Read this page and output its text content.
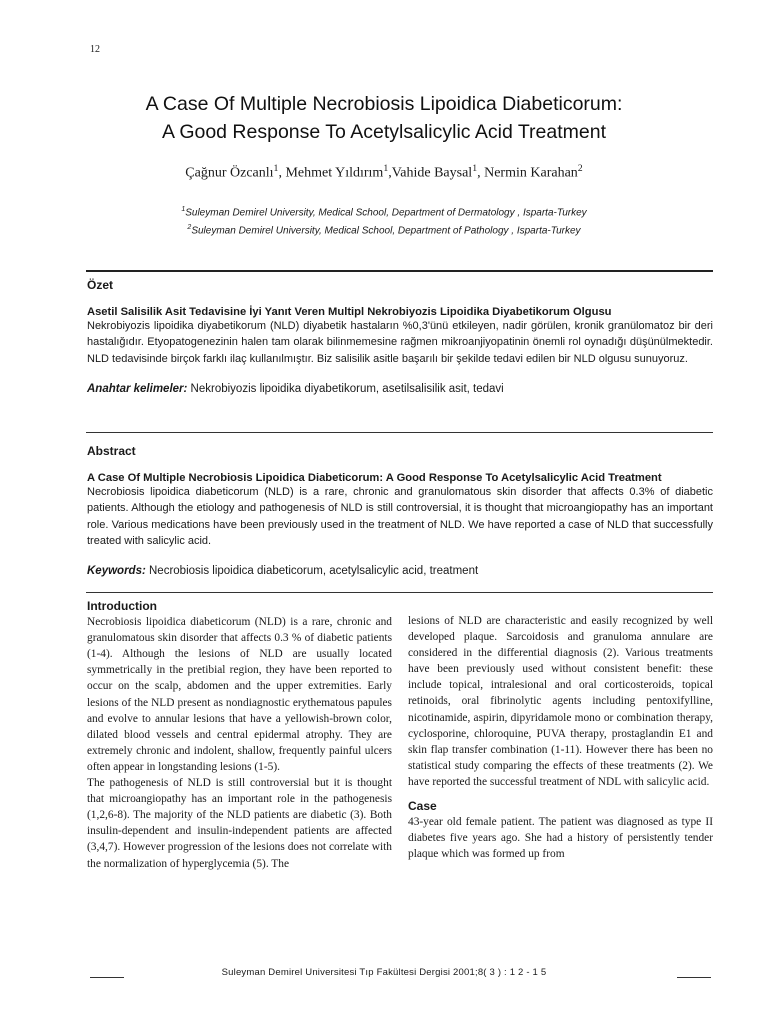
12
A Case Of Multiple Necrobiosis Lipoidica Diabeticorum:
A Good Response To Acetylsalicylic Acid Treatment
Çağnur Özcanlı$^1$, Mehmet Yıldırım$^1$,Vahide Baysal$^1$, Nermin Karahan$^2$
$^1$Suleyman Demirel University, Medical School, Department of Dermatology , Isparta-Turkey
$^2$Suleyman Demirel University, Medical School, Department of Pathology , Isparta-Turkey
Özet

Asetil Salisilik Asit Tedavisine İyi Yanıt Veren Multipl Nekrobiyozis Lipoidika Diyabetikorum Olgusu

Nekrobiyozis lipoidika diyabetikorum (NLD) diyabetik hastaların %0,3'ünü etkileyen, nadir görülen, kronik granülomatoz bir deri hastalığıdır. Etyopatogenezinin halen tam olarak bilinmemesine rağmen mikroanjiyopatinin önemli rol oynadığı düşünülmektedir. NLD tedavisinde birçok farklı ilaç kullanılmıştır. Biz salisilik asitle başarılı bir şekilde tedavi edilen bir NLD olgusu sunuyoruz.

Anahtar kelimeler: Nekrobiyozis lipoidika diyabetikorum, asetilsalisilik asit, tedavi

Abstract

A Case Of Multiple Necrobiosis Lipoidica Diabeticorum: A Good Response To Acetylsalicylic Acid Treatment

Necrobiosis lipoidica diabeticorum (NLD) is a rare, chronic and granulomatous skin disorder that affects 0.3% of diabetic patients. Although the etiology and pathogenesis of NLD is still controversial, it is thought that microangiopathy has an important role. Various medications have been previously used in the treatment of NLD. We have reported a case of NLD that successfully treated with salicylic acid.

Keywords: Necrobiosis lipoidica diabeticorum, acetylsalicylic acid, treatment

Introduction

Necrobiosis lipoidica diabeticorum (NLD) is a rare, chronic and granulomatous skin disorder that affects 0.3 % of diabetic patients (1-4). Although the lesions of NLD are usually located symmetrically in the pretibial region, they have been reported to occur on the scalp, abdomen and the upper extremities. Early lesions of the NLD present as nondiagnostic erythematous papules and evolve to annular lesions that have a yellowish-brown color, dilated blood vessels and central epidermal atrophy. They are extremely chronic and indolent, shallow, frequently painful ulcers often appear in longstanding lesions (1-5).

The pathogenesis of NLD is still controversial but it is thought that microangiopathy has an important role in the pathogenesis (1,2,6-8). The majority of the NLD patients are diabetic (3). Both insulin-dependent and insulin-independent patients are affected (3,4,7). However progression of the lesions does not correlate with the normalization of hyperglycemia (5). The

lesions of NLD are characteristic and easily recognized by well developed plaque. Sarcoidosis and granuloma annulare are considered in the differential diagnosis (2). Various treatments have been previously used without consistent benefit: these include topical, intralesional and oral corticosteroids, topical retinoids, oral fibrinolytic agents including pentoxifylline, nicotinamide, aspirin, dipyridamole mono or combination therapy, cyclosporine, chloroquine, PUVA therapy, prostaglandin E1 and skin flap transfer combination (1-11). However there has been no statistical study comparing the effects of these treatments (2). We have reported the successful treatment of NDL with salicylic acid.

Case

43-year old female patient. The patient was diagnosed as type II diabetes five years ago. She had a history of persistently tender plaque which was formed up from

Suleyman Demirel Universitesi Tıp Fakültesi Dergisi 2001;8( 3 ) : 1 2 - 1 5
